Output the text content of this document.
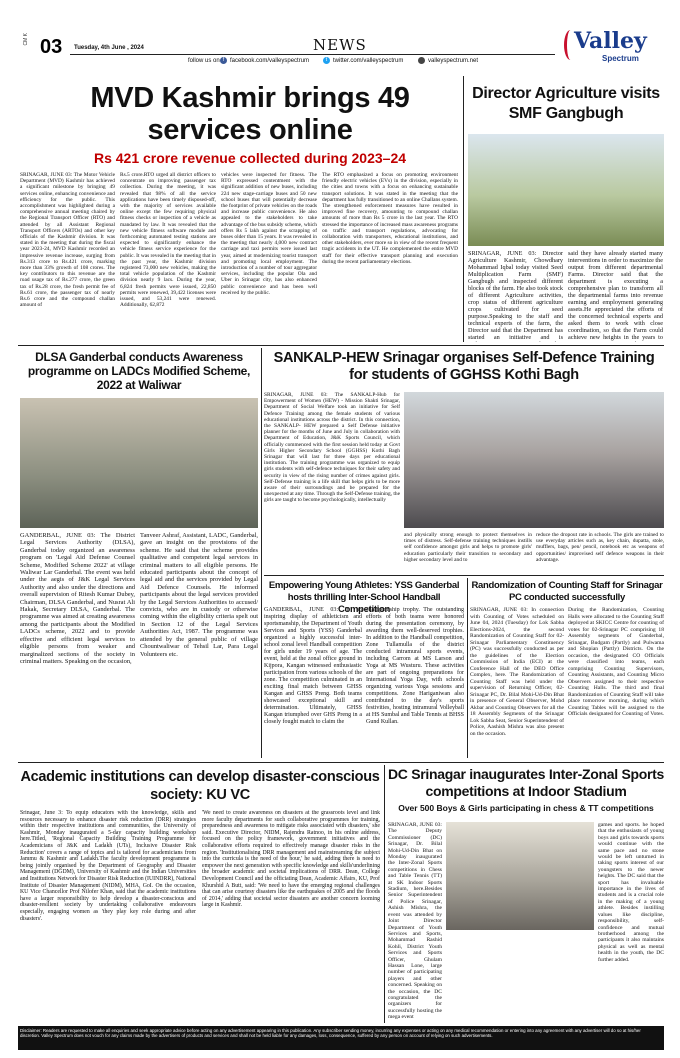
CM K 03 Tuesday, 4th June , 2024	NEWS
follow us on f facebook.com/valleyspectrum	t twitter.com/valleyspectrum	valleyspectrum.net
Valley
Spectrum
MVD Kashmir brings 49 services online
Rs 421 crore revenue collected during 2023–24
SRINAGAR, JUNE 03: The Motor Vehicle Department (MVD) Kashmir has achieved a significant milestone by bringing 49 services online, enhancing convenience and efficiency for the public. This accomplishment was highlighted during a comprehensive annual meeting chaired by the Regional Transport Officer (RTO) and attended by all Assistant Regional Transport Officers (ARTOs) and other key officials of the Kashmir division. It was stated in the meeting that during the fiscal year 2023-24, MVD Kashmir recorded an impressive revenue increase, surging from Rs.313 crore to Rs.421 crore, marking more than 33% growth of 108 crores. The key contributors to this revenue are the road usage tax of Rs.277 crore, the green tax of Rs.28 crore, the fresh permit fee of Rs.61 crore, the passenger tax of nearly Rs.6 crore and the compound challan amount of
Rs.5 crore.RTO urged all district officers to concentrate on improving passenger tax collection. During the meeting, it was revealed that 98% of all the service applications have been timely disposed-off, with the majority of services available online except the few requiring physical fitness checks or inspection of a vehicle as mandated by law. It was revealed that the new vehicle fitness software module and forthcoming automated testing stations are expected to significantly enhance the vehicle fitness service experience for the public. It was revealed in the meeting that in the past year, the Kashmir division registered 73,000 new vehicles, making the total vehicle population of the Kashmir division nearly 9 lacs. During the year, 6,824 fresh permits were issued, 22,850 permits were renewed, 39,422 licenses were issued, and 53,241 were renewed. Additionally, 62,872
vehicles were inspected for fitness. The RTO expressed contentment with the significant addition of new buses, including 224 new stage-carriage buses and 50 new school buses that will potentially decrease the footprint of private vehicles on the roads and increase public convenience. He also appealed to the stakeholders to take advantage of the bus subsidy scheme, which offers Rs 5 lakh against the scrapping of buses older than 15 years. It was revealed in the meeting that nearly 4,000 new contract carriage and taxi permits were issued last year, aimed at modernizing tourist transport and promoting local employment. The introduction of a number of tour aggregator services, including the popular Ola and Uber in Srinagar city, has also enhanced public convenience and has been well received by the public.
The RTO emphasized a focus on promoting environment friendly electric vehicles (EVs) in the division, especially in the cities and towns with a focus on enhancing sustainable transport solutions. It was stated in the meeting that the department has fully transitioned to an online Challans system. The strengthened enforcement measures have resulted in improved fine recovery, amounting to compound challan amounts of more than Rs 5 crore in the last year. The RTO stressed the importance of increased mass awareness programs on traffic and transport regulations, advocating for collaboration with transporters, educational institutions, and other stakeholders, ever more so in view of the recent frequent tragic accidents in the UT. He complemented the entire MVD staff for their effective transport planning and execution during the recent parliamentary elections.
Director Agriculture visits SMF Gangbugh
SRINAGAR, JUNE 03: Director Agriculture Kashmir, Chowdhary Mohammad Iqbal today visited Seed Multiplication Farm (SMF) Gangbugh and inspected different blocks of the farm. He also took stock of different Agriculture activities, crop status of different agriculture crops cultivated for seed purpose.Speaking to the staff and technical experts of the farm, the Director said that the Department has started an initiative and is
said they have already started many interventions in order to maximize the output from different departmental Farms. Director said that the department is executing a comprehensive plan to transform all the departmental farms into revenue earning and employment generating assets.He appreciated the efforts of the concerned technical experts and asked them to work with close coordination, so that the Farm could achieve new heights in the years to
DLSA Ganderbal conducts Awareness programme on LADCs Modified Scheme, 2022 at Waliwar
GANDERBAL, JUNE 03: The District Legal Services Authority (DLSA), Ganderbal today organized an awareness program on 'Legal Aid Defense Counsel Scheme, Modified Scheme 2022' at village Waliwar Lar Ganderbal. The event was held under the aegis of J&K Legal Services Authority and also under the directions and overall supervision of Ritesh Kumar Dubey, Chairman, DLSA Ganderbal, and Nusrat Ali Hakak, Secretary DLSA, Ganderbal. The programme was aimed at creating awareness among the participants about the Modified LADCs scheme, 2022 and to provide effective and efficient legal services to eligible persons from weaker and marginalized sections of the society in criminal matters. Speaking on the occasion,
Tanveer Ashraf, Assistant, LADC, Ganderbal, gave an insight on the provisions of the scheme. He said that the scheme provides qualitative and competent legal services in criminal matters to all eligible persons. He educated participants about the concept of legal aid and the services provided by Legal Aid Defence Counsels. He informed participants about the legal services provided by the Legal Services Authorities to accused/ convicts, who are in custody or otherwise coming within the eligibility criteria spelt out in Section 12 of the Legal Services Authorities Act, 1987. The programme was attended by the general public of village Chountwaliwar of Tehsil Lar, Para Legal Volunteers etc.
SANKALP-HEW Srinagar organises Self-Defence Training for students of GGHSS Kothi Bagh
SRINAGAR, JUNE 03: The SANKALP-Hub for Empowerment of Women (HEW) - Mission Shakti Srinagar, Department of Social Welfare took an initiative for Self Defence Training among the female students of various educational institutions across the district. In this connection, the SANKALP- HEW prepared a Self Defense initiative planner for the months of June and July in collaboration with Department of Education, J&K Sports Council, which officially commenced with the first session held today at Govt Girls Higher Secondary School (GGHSS) Kothi Bagh Srinagar that will last for three days per educational institution. The training programme was organized to equip girls students with self-defence techniques for their safety and security in view of the rising number of crimes against girls. Self-Defense training is a life skill that helps girls to be more aware of their surroundings and be prepared for the unexpected at any time. Through the Self-Defense training, the girls are taught to become psychologically, intellectually
and physically strong enough to protect themselves in times of distress. Self-defense training techniques instills self confidence amongst girls and helps to promote girls' education particularly their transition to secondary and higher secondary level and to
reduce the dropout rate in schools. The girls are trained to use everyday articles such as, key chain, dupatta, stole, mufflers, bags, pen/ pencil, notebook etc as weapons of opportunities/ improvised self defence weapons in their advantage.
Empowering Young Athletes: YSS Ganderbal hosts thrilling Inter-School Handball Competition
GANDERBAL, JUNE 03: In an inspiring display of athleticism and sportsmanship, the Department of Youth Services and Sports (YSS) Ganderbal organized a highly successful inter-school zonal level Handball competition for girls under 19 years of age. The event, held at the zonal office ground in Kijpora, Kangan witnessed enthusiastic participation from various schools of the zone. The competition culminated in an exciting final match between GHSS Kangan and GHSS Preng. Both teams showcased exceptional skill and determination. Ultimately, GHSS Kangan triumphed over GHS Preng in a closely fought match to claim the
championship trophy. The outstanding efforts of both teams were honored during the presentation ceremony, by awarding them well-deserved trophies. In addition to the Handball competition, Zone Tullamulla of the district conducted intramural sports events, including Carrom at MS Larson and Yoga at MS Wusturu. These activities are part of ongoing preparations for International Yoga Day, with schools organizing various Yoga sessions and competitions. Zone Hariganiwan also contributed to the day's sports festivities, hosting intramural Volleyball at HS Sumbal and Table Tennis at BHSS Gund Kullan.
Randomization of Counting Staff for Srinagar PC conducted successfully
SRINAGAR, JUNE 03: In connection with Counting of Votes scheduled on June 04, 2024 (Tuesday) for Lok Sabha Elections-2024, the second Randomization of Counting Staff for 02-Srinagar Parliamentary Constituency (PC) was successfully conducted as per the guidelines of the Election Commission of India (ECI) at the Conference Hall of the DEO Office Complex, here. The Randomization of Counting Staff was held under the supervision of Returning Officer, 02-Srinagar PC, Dr. Bilal Mohi-Ud-Din Bhat in presence of General Observer, Mohd Akbar and Counting Observers for all the 18 Assembly Segments of the Srinagar Lok Sabha Seat, Senior Superintendent of Police, Aashish Mishra was also present on the occasion.
During the Randomization, Counting Halls were allocated to the Counting Staff deployed at SKICC Centre for counting of votes for 02-Srinagar PC comprising 18 Assembly segments of Ganderbal, Srinagar, Budgam (Partly) and Pulwama and Shopian (Partly) Districts. On the occasion, the designated CO Officials were classified into teams, each comprising Counting Supervisors, Counting Assistants, and Counting Micro Observers assigned to their respective Counting Halls. The third and final Randomization of Counting Staff will take place tomorrow morning, during which Counting Tables will be assigned to the Officials designated for Counting of Votes.
Academic institutions can develop disaster-conscious society: KU VC
Srinagar, June 3: To equip educators with the knowledge, skills and resources necessary to enhance disaster risk reduction (DRR) strategies within their respective institutions and communities, the University of Kashmir, Monday inaugurated a 5-day capacity building workshop here.Titled, 'Regional Capacity Building Training Programme for Academicians of J&K and Ladakh (UTs), Inclusive Disaster Risk Reduction' covers a range of topics and is tailored for academicians from Jammu & Kashmir and Ladakh.The faculty development programme is being jointly organised by the Department of Geography and Disaster Management (DGDM), University of Kashmir and the Indian Universities and Institutions Network for Disaster Risk Reduction (IUINDRR), National Institute of Disaster Management (NIDM), MHA, GoI. On the occasion, KU Vice Chancellor Prof Nilofer Khan, said that the academic institutions have a larger responsibility to help develop a disaster-conscious and disaster-resilient society by undertaking collaborative endeavours especially, engaging women as 'they play key role during and after disasters'.
'We need to create awareness on disasters at the grassroots level and link more faculty departments for such collaborative programmes for training, preparedness and awareness to mitigate risks associated with disasters,' she said. Executive Director, NIDM, Rajendra Ratnoo, in his online address, focused on the policy framework, government initiatives and the collaborative efforts required to effectively manage disaster risks in the region. 'Institutionalising DRR management and mainstreaming the subject into the curricula is the need of the hour,' he said, adding there is need to empower the next generation with specific knowledge and skills'underlining the broader academic and societal implications of DRR. Dean, College Development Council and the officiating Dean, Academic Affairs, KU, Prof Khurshid A Butt, said: 'We need to have the emerging regional challenges that can arise courtesy disasters like the earthquakes of 2005 and the floods of 2014,' adding that societal sector disasters are another concern looming large in Kashmir.
DC Srinagar inaugurates Inter-Zonal Sports competitions at Indoor Stadium
Over 500 Boys & Girls participating in chess & TT competitions
SRINAGAR, JUNE 03: The Deputy Commissioner (DC) Srinagar, Dr. Bilal Mohi-Ud-Din Bhat on Monday inaugurated the Inter-Zonal Sports competitions in Chess and Table Tennis (TT) at SK Indoor Sports Stadium, here.Besides Senior Superintendent of Police Srinagar, Ashish Mishra, the event was attended by Joint Director Department of Youth Services and Sports, Mohammad Rashid Kohli, District Youth Services and Sports Officer, Ghulam Hassan Lone, large number of participating players and other concerned. Speaking on the occasion, the DC congratulated the organizers for successfully hosting the mega event
games and sports. he hoped that the enthusiasts of young boys and girls towards sports would continue with the same pace and no stone would be left unturned in taking sports interest of our youngsters to the newer heights. The DC said that the sport has invaluable importance in the lives of students and is a crucial role in the making of a young athlete. Besides instilling values like discipline, responsibility, self-confidence and mutual brotherhood among the participants it also maintains physical as well as mental health in the youth, the DC further added.
Disclaimer: Readers are requested to make all enquiries and seek appropriate advice before acting on any advertisement appearing in this publication. Any subscriber sending money, incurring any expenses or acting on any medical recommendation or entering into any agreement with any advertiser will do so at his/her discretion. Valley Spectrum does not vouch for any claims made by the advertisers of products and services and shall not be held liable for any damages, loss, consequence, suffered by any person on account of relying on such advertisements.
